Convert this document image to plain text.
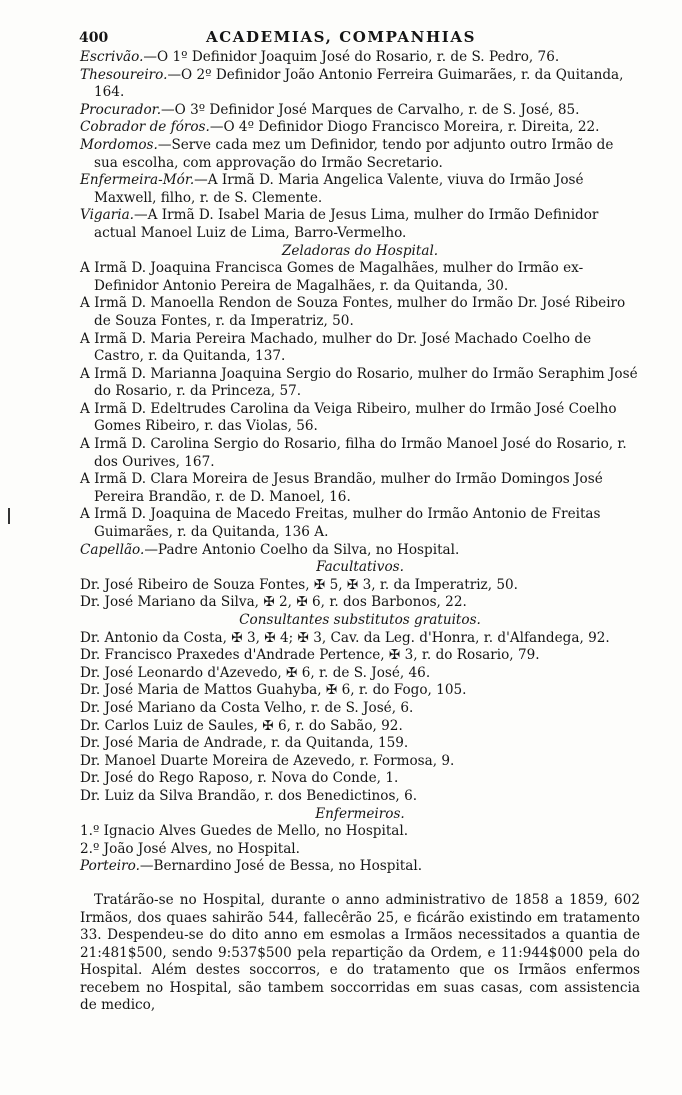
400	ACADEMIAS, COMPANHIAS

Escrivão.—O 1º Definidor Joaquim José do Rosario, r. de S. Pedro, 76.

Thesoureiro.—O 2º Definidor João Antonio Ferreira Guimarães, r. da Quitanda, 164.

Procurador.—O 3º Definidor José Marques de Carvalho, r. de S. José, 85.

Cobrador de fóros.—O 4º Definidor Diogo Francisco Moreira, r. Direita, 22.

Mordomos.—Serve cada mez um Definidor, tendo por adjunto outro Irmão de sua escolha, com approvação do Irmão Secretario.

Enfermeira-Mór.—A Irmã D. Maria Angelica Valente, viuva do Irmão José Maxwell, filho, r. de S. Clemente.

Vigaria.—A Irmã D. Isabel Maria de Jesus Lima, mulher do Irmão Definidor actual Manoel Luiz de Lima, Barro-Vermelho.

Zeladoras do Hospital.

A Irmã D. Joaquina Francisca Gomes de Magalhães, mulher do Irmão ex-Definidor Antonio Pereira de Magalhães, r. da Quitanda, 30.

A Irmã D. Manoella Rendon de Souza Fontes, mulher do Irmão Dr. José Ribeiro de Souza Fontes, r. da Imperatriz, 50.

A Irmã D. Maria Pereira Machado, mulher do Dr. José Machado Coelho de Castro, r. da Quitanda, 137.

A Irmã D. Marianna Joaquina Sergio do Rosario, mulher do Irmão Seraphim José do Rosario, r. da Princeza, 57.

A Irmã D. Edeltrudes Carolina da Veiga Ribeiro, mulher do Irmão José Coelho Gomes Ribeiro, r. das Violas, 56.

A Irmã D. Carolina Sergio do Rosario, filha do Irmão Manoel José do Rosario, r. dos Ourives, 167.

A Irmã D. Clara Moreira de Jesus Brandão, mulher do Irmão Domingos José Pereira Brandão, r. de D. Manoel, 16.

A Irmã D. Joaquina de Macedo Freitas, mulher do Irmão Antonio de Freitas Guimarães, r. da Quitanda, 136 A.

Capellão.—Padre Antonio Coelho da Silva, no Hospital.

Facultativos.

Dr. José Ribeiro de Souza Fontes, ✠ 5, ✠ 3, r. da Imperatriz, 50.

Dr. José Mariano da Silva, ✠ 2, ✠ 6, r. dos Barbonos, 22.

Consultantes substitutos gratuitos.

Dr. Antonio da Costa, ✠ 3, ✠ 4; ✠ 3, Cav. da Leg. d'Honra, r. d'Alfandega, 92.

Dr. Francisco Praxedes d'Andrade Pertence, ✠ 3, r. do Rosario, 79.

Dr. José Leonardo d'Azevedo, ✠ 6, r. de S. José, 46.

Dr. José Maria de Mattos Guahyba, ✠ 6, r. do Fogo, 105.

Dr. José Mariano da Costa Velho, r. de S. José, 6.

Dr. Carlos Luiz de Saules, ✠ 6, r. do Sabão, 92.

Dr. José Maria de Andrade, r. da Quitanda, 159.

Dr. Manoel Duarte Moreira de Azevedo, r. Formosa, 9.

Dr. José do Rego Raposo, r. Nova do Conde, 1.

Dr. Luiz da Silva Brandão, r. dos Benedictinos, 6.

Enfermeiros.

1.º Ignacio Alves Guedes de Mello, no Hospital.

2.º João José Alves, no Hospital.

Porteiro.—Bernardino José de Bessa, no Hospital.

Tratárão-se no Hospital, durante o anno administrativo de 1858 a 1859, 602 Irmãos, dos quaes sahirão 544, fallecêrão 25, e ficárão existindo em tratamento 33. Despendeu-se do dito anno em esmolas a Irmãos necessitados a quantia de 21:481$500, sendo 9:537$500 pela repartição da Ordem, e 11:944$000 pela do Hospital. Além destes soccorros, e do tratamento que os Irmãos enfermos recebem no Hospital, são tambem soccorridas em suas casas, com assistencia de medico,
